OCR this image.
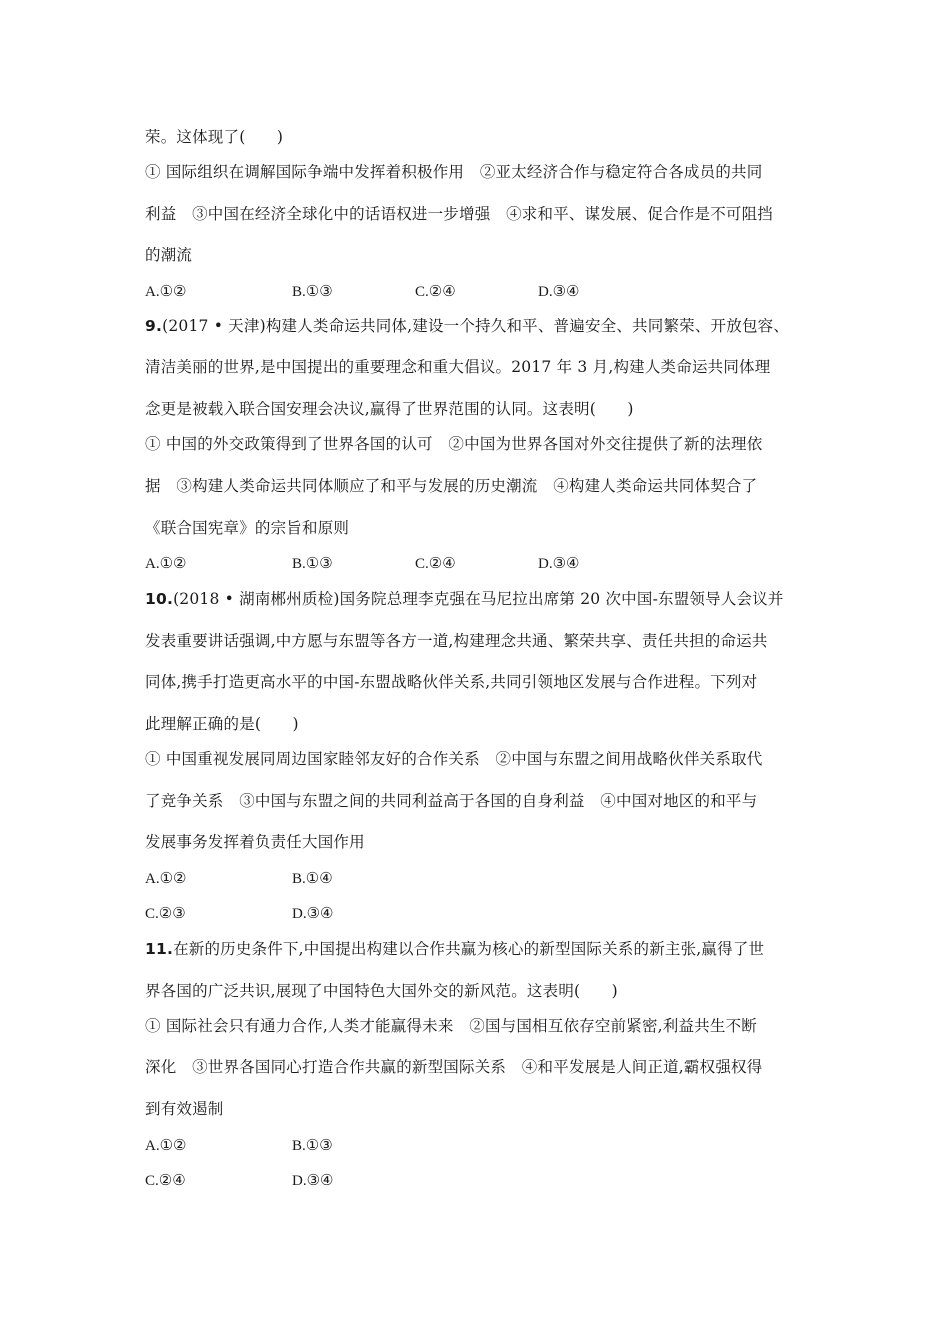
荣。这体现了(　　)
① 国际组织在调解国际争端中发挥着积极作用　②亚太经济合作与稳定符合各成员的共同
利益　③中国在经济全球化中的话语权进一步增强　④求和平、谋发展、促合作是不可阻挡
的潮流
A.①②	B.①③	C.②④	D.③④
9.(2017 • 天津)构建人类命运共同体,建设一个持久和平、普遍安全、共同繁荣、开放包容、
清洁美丽的世界,是中国提出的重要理念和重大倡议。2017 年 3 月,构建人类命运共同体理
念更是被载入联合国安理会决议,赢得了世界范围的认同。这表明(　　)
① 中国的外交政策得到了世界各国的认可　②中国为世界各国对外交往提供了新的法理依
据　③构建人类命运共同体顺应了和平与发展的历史潮流　④构建人类命运共同体契合了
《联合国宪章》的宗旨和原则
A.①②	B.①③	C.②④	D.③④
10.(2018 • 湖南郴州质检)国务院总理李克强在马尼拉出席第 20 次中国-东盟领导人会议并
发表重要讲话强调,中方愿与东盟等各方一道,构建理念共通、繁荣共享、责任共担的命运共
同体,携手打造更高水平的中国-东盟战略伙伴关系,共同引领地区发展与合作进程。下列对
此理解正确的是(　　)
① 中国重视发展同周边国家睦邻友好的合作关系　②中国与东盟之间用战略伙伴关系取代
了竞争关系　③中国与东盟之间的共同利益高于各国的自身利益　④中国对地区的和平与
发展事务发挥着负责任大国作用
A.①②	B.①④
C.②③	D.③④
11.在新的历史条件下,中国提出构建以合作共赢为核心的新型国际关系的新主张,赢得了世
界各国的广泛共识,展现了中国特色大国外交的新风范。这表明(　　)
① 国际社会只有通力合作,人类才能赢得未来　②国与国相互依存空前紧密,利益共生不断
深化　③世界各国同心打造合作共赢的新型国际关系　④和平发展是人间正道,霸权强权得
到有效遏制
A.①②	B.①③
C.②④	D.③④
